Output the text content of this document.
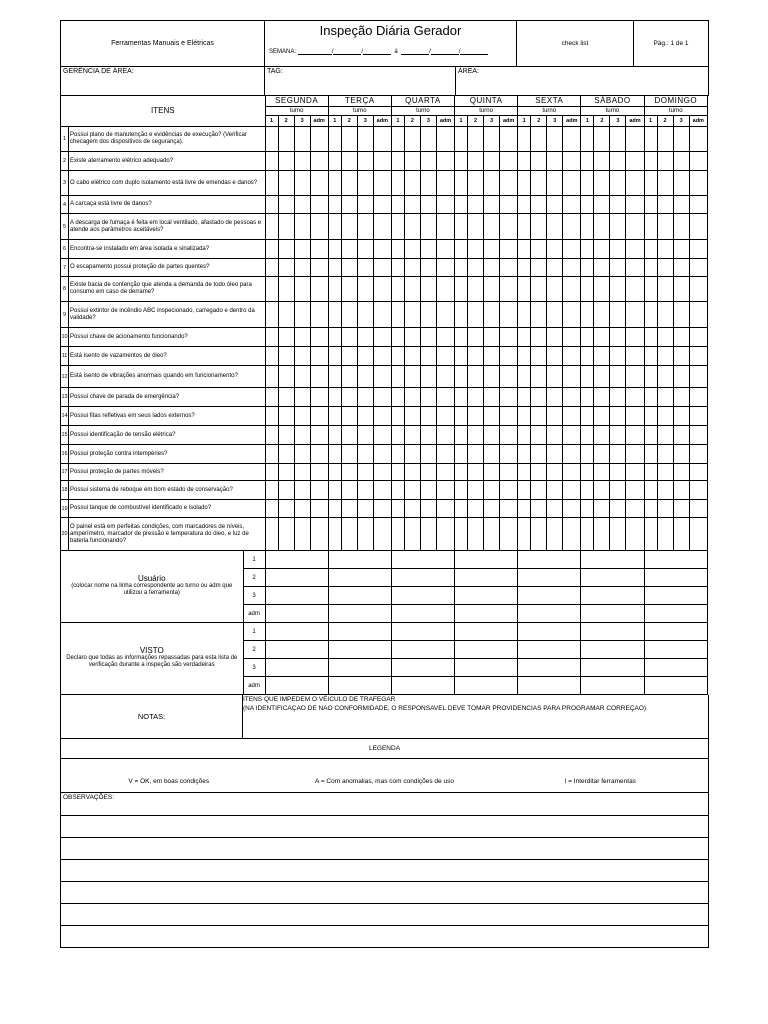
Ferramentas Manuais e Elétricas	
Inspeção Diária Gerador
SEMANA:	/	/	á	/	/
	check list	Pág.: 1 de 1
GERÊNCIA DE ÁREA:	TAG:	ÁREA:
ITENS			SEGUNDA				TERÇA				QUARTA				QUINTA				SEXTA				SÁBADO				DOMINGO			
			turno				turno				turno				turno				turno				turno				turno			
			1	2	3	adm	1	2	3	adm	1	2	3	adm	1	2	3	adm	1	2	3	adm	1	2	3	adm	1	2	3	adm
1	Possui plano de manutenção e evidências de execução? (Verificar checagem dos dispositivos de segurança).																													
2	Existe aterramento elétrico adequado?																													
3	O cabo elétrico com duplo isolamento está livre de emendas e danos?																													
4	A carcaça está livre de danos?																													
5	A descarga de fumaça é feita em local ventilado, afastado de pessoas e atende aos parâmetros aceitáveis?																													
6	Encontra-se instalado em área isolada e sinalizada?																													
7	O escapamento possui proteção de partes quentes?																													
8	Existe bacia de contenção que atenda a demanda de todo óleo para consumo em caso de derrame?																													
9	Possui extintor de incêndio ABC inspecionado, carregado e dentro da validade?																													
10	Possui chave de acionamento funcionando?																													
11	Está isento de vazamentos de óleo?																													
12	Está isento de vibrações anormais quando em funcionamento?																													
13	Possui chave de parada de emergência?																													
14	Possui fitas refletivas em seus lados externos?																													
15	Possui identificação de tensão elétrica?																													
16	Possui proteção contra intempéries?																													
17	Possui proteção de partes móveis?																													
18	Possui sistema de reboque em bom estado de conservação?																													
19	Possui tanque de combustível identificado e isolado?																													
20	O painel está em perfeitas condições, com marcadores de níveis, amperímetro, marcador de pressão e temperatura do óleo, e luz de bateria funcionando?																													

Usuário
(colocar nome na linha correspondente ao turno ou adm que utilizou a ferramenta)		1																												
		2																												
		3																												
		adm																												

VISTO
Declaro que todas as informações repassadas para esta lista de verificação durante a inspeção são verdadeiras		1																												
		2																												
		3																												
		adm																												
NOTAS:	
ITENS QUE IMPEDEM O VÉICULO DE TRAFEGAR
(NA IDENTIFICAÇAO DE NAO CONFORMIDADE, O RESPONSAVEL DEVE TOMAR PROVIDENCIAS PARA PROGRAMAR CORREÇAO)
LEGENDA

V = OK, em boas condições	A = Com anomalias, mas com condições de uso	I = Interditar ferramentas
OBSERVAÇÕES:
